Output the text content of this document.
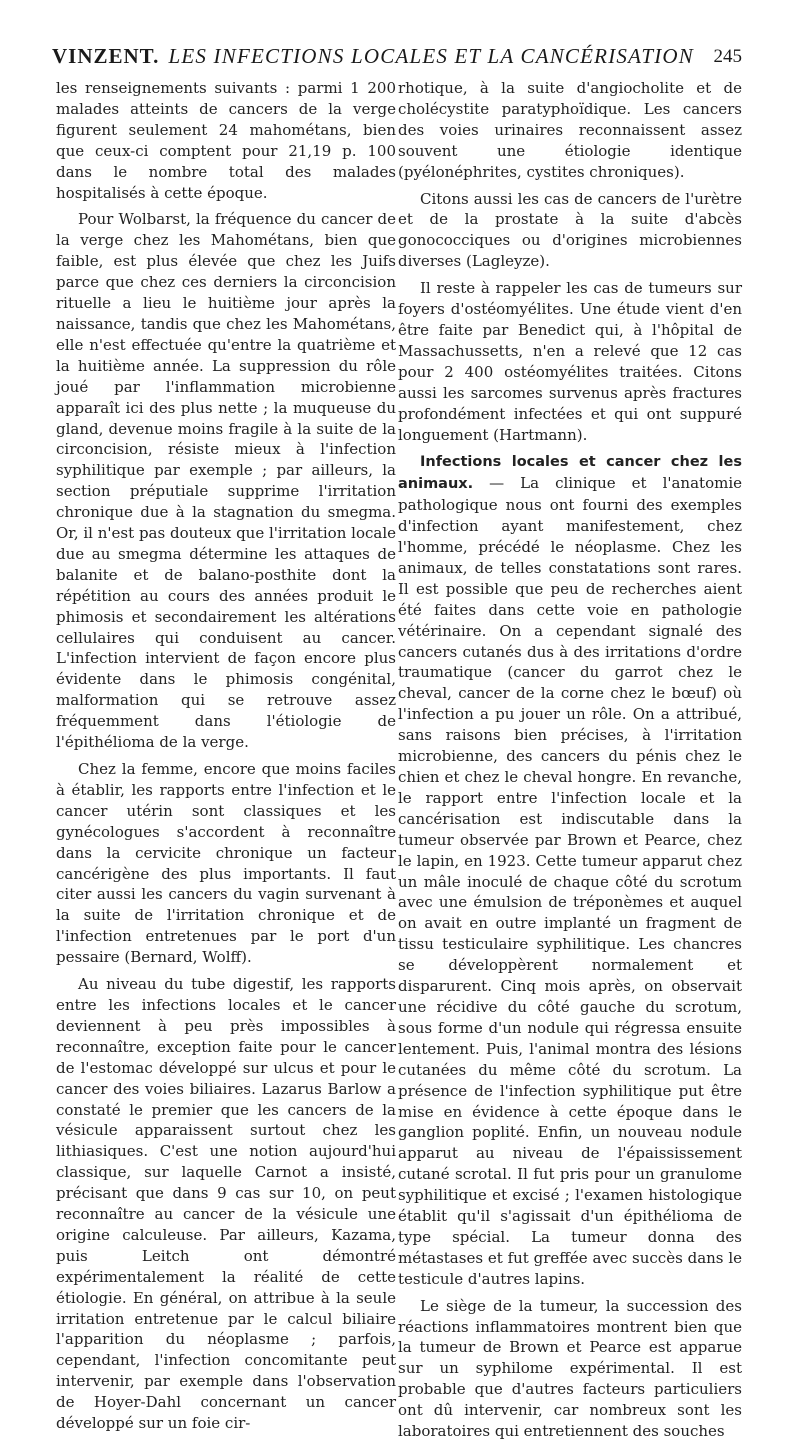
VINZENT. LES INFECTIONS LOCALES ET LA CANCÉRISATION 245

les renseignements suivants : parmi 1 200 malades atteints de cancers de la verge figurent seulement 24 mahométans, bien que ceux-ci comptent pour 21,19 p. 100 dans le nombre total des malades hospitalisés à cette époque.

Pour Wolbarst, la fréquence du cancer de la verge chez les Mahométans, bien que faible, est plus élevée que chez les Juifs parce que chez ces derniers la circoncision rituelle a lieu le huitième jour après la naissance, tandis que chez les Mahométans, elle n'est effectuée qu'entre la quatrième et la huitième année. La suppression du rôle joué par l'inflammation microbienne apparaît ici des plus nette ; la muqueuse du gland, devenue moins fragile à la suite de la circoncision, résiste mieux à l'infection syphilitique par exemple ; par ailleurs, la section préputiale supprime l'irritation chronique due à la stagnation du smegma. Or, il n'est pas douteux que l'irritation locale due au smegma détermine les attaques de balanite et de balano-posthite dont la répétition au cours des années produit le phimosis et secondairement les altérations cellulaires qui conduisent au cancer. L'infection intervient de façon encore plus évidente dans le phimosis congénital, malformation qui se retrouve assez fréquemment dans l'étiologie de l'épithélioma de la verge.

Chez la femme, encore que moins faciles à établir, les rapports entre l'infection et le cancer utérin sont classiques et les gynécologues s'accordent à reconnaître dans la cervicite chronique un facteur cancérigène des plus importants. Il faut citer aussi les cancers du vagin survenant à la suite de l'irritation chronique et de l'infection entretenues par le port d'un pessaire (Bernard, Wolff).

Au niveau du tube digestif, les rapports entre les infections locales et le cancer deviennent à peu près impossibles à reconnaître, exception faite pour le cancer de l'estomac développé sur ulcus et pour le cancer des voies biliaires. Lazarus Barlow a constaté le premier que les cancers de la vésicule apparaissent surtout chez les lithiasiques. C'est une notion aujourd'hui classique, sur laquelle Carnot a insisté, précisant que dans 9 cas sur 10, on peut reconnaître au cancer de la vésicule une origine calculeuse. Par ailleurs, Kazama, puis Leitch ont démontré expérimentalement la réalité de cette étiologie. En général, on attribue à la seule irritation entretenue par le calcul biliaire l'apparition du néoplasme ; parfois, cependant, l'infection concomitante peut intervenir, par exemple dans l'observation de Hoyer-Dahl concernant un cancer développé sur un foie cir-

rhotique, à la suite d'angiocholite et de cholécystite paratyphoïdique. Les cancers des voies urinaires reconnaissent assez souvent une étiologie identique (pyélonéphrites, cystites chroniques).

Citons aussi les cas de cancers de l'urètre et de la prostate à la suite d'abcès gonococciques ou d'origines microbiennes diverses (Lagleyze).

Il reste à rappeler les cas de tumeurs sur foyers d'ostéomyélites. Une étude vient d'en être faite par Benedict qui, à l'hôpital de Massachussetts, n'en a relevé que 12 cas pour 2 400 ostéomyélites traitées. Citons aussi les sarcomes survenus après fractures profondément infectées et qui ont suppuré longuement (Hartmann).

Infections locales et cancer chez les animaux. — La clinique et l'anatomie pathologique nous ont fourni des exemples d'infection ayant manifestement, chez l'homme, précédé le néoplasme. Chez les animaux, de telles constatations sont rares. Il est possible que peu de recherches aient été faites dans cette voie en pathologie vétérinaire. On a cependant signalé des cancers cutanés dus à des irritations d'ordre traumatique (cancer du garrot chez le cheval, cancer de la corne chez le bœuf) où l'infection a pu jouer un rôle. On a attribué, sans raisons bien précises, à l'irritation microbienne, des cancers du pénis chez le chien et chez le cheval hongre. En revanche, le rapport entre l'infection locale et la cancérisation est indiscutable dans la tumeur observée par Brown et Pearce, chez le lapin, en 1923. Cette tumeur apparut chez un mâle inoculé de chaque côté du scrotum avec une émulsion de tréponèmes et auquel on avait en outre implanté un fragment de tissu testiculaire syphilitique. Les chancres se développèrent normalement et disparurent. Cinq mois après, on observait une récidive du côté gauche du scrotum, sous forme d'un nodule qui régressa ensuite lentement. Puis, l'animal montra des lésions cutanées du même côté du scrotum. La présence de l'infection syphilitique put être mise en évidence à cette époque dans le ganglion poplité. Enfin, un nouveau nodule apparut au niveau de l'épaississement cutané scrotal. Il fut pris pour un granulome syphilitique et excisé ; l'examen histologique établit qu'il s'agissait d'un épithélioma de type spécial. La tumeur donna des métastases et fut greffée avec succès dans le testicule d'autres lapins.

Le siège de la tumeur, la succession des réactions inflammatoires montrent bien que la tumeur de Brown et Pearce est apparue sur un syphilome expérimental. Il est probable que d'autres facteurs particuliers ont dû intervenir, car nombreux sont les laboratoires qui entretiennent des souches
